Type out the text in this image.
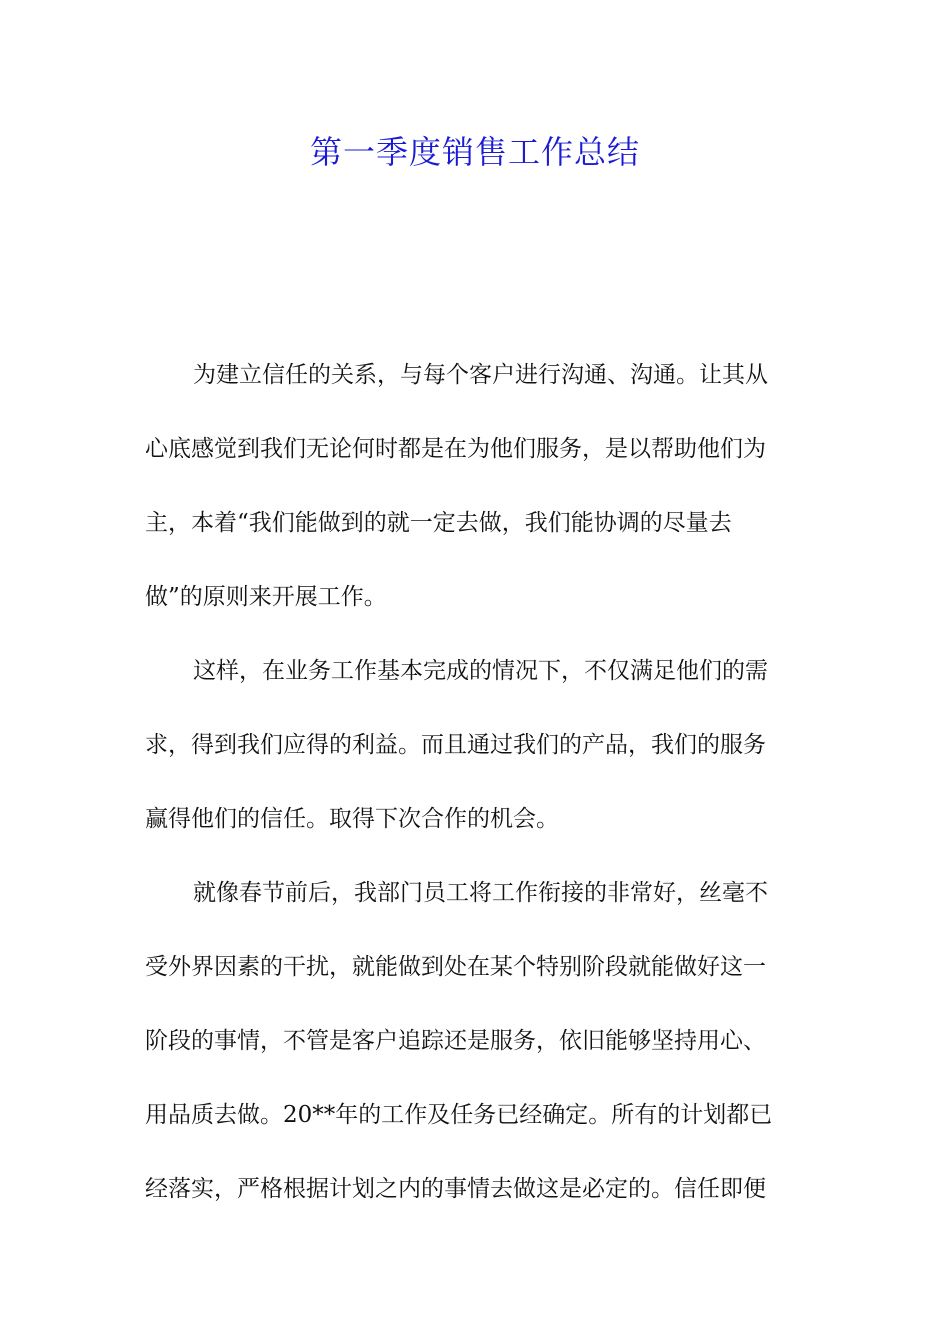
第一季度销售工作总结
为建立信任的关系，与每个客户进行沟通、沟通。让其从
心底感觉到我们无论何时都是在为他们服务，是以帮助他们为
主，本着“我们能做到的就一定去做，我们能协调的尽量去
做”的原则来开展工作。
这样，在业务工作基本完成的情况下，不仅满足他们的需
求，得到我们应得的利益。而且通过我们的产品，我们的服务
赢得他们的信任。取得下次合作的机会。
就像春节前后，我部门员工将工作衔接的非常好，丝毫不
受外界因素的干扰，就能做到处在某个特别阶段就能做好这一
阶段的事情，不管是客户追踪还是服务，依旧能够坚持用心、
用品质去做。20**年的工作及任务已经确定。所有的计划都已
经落实，严格根据计划之内的事情去做这是必定的。信任即便
